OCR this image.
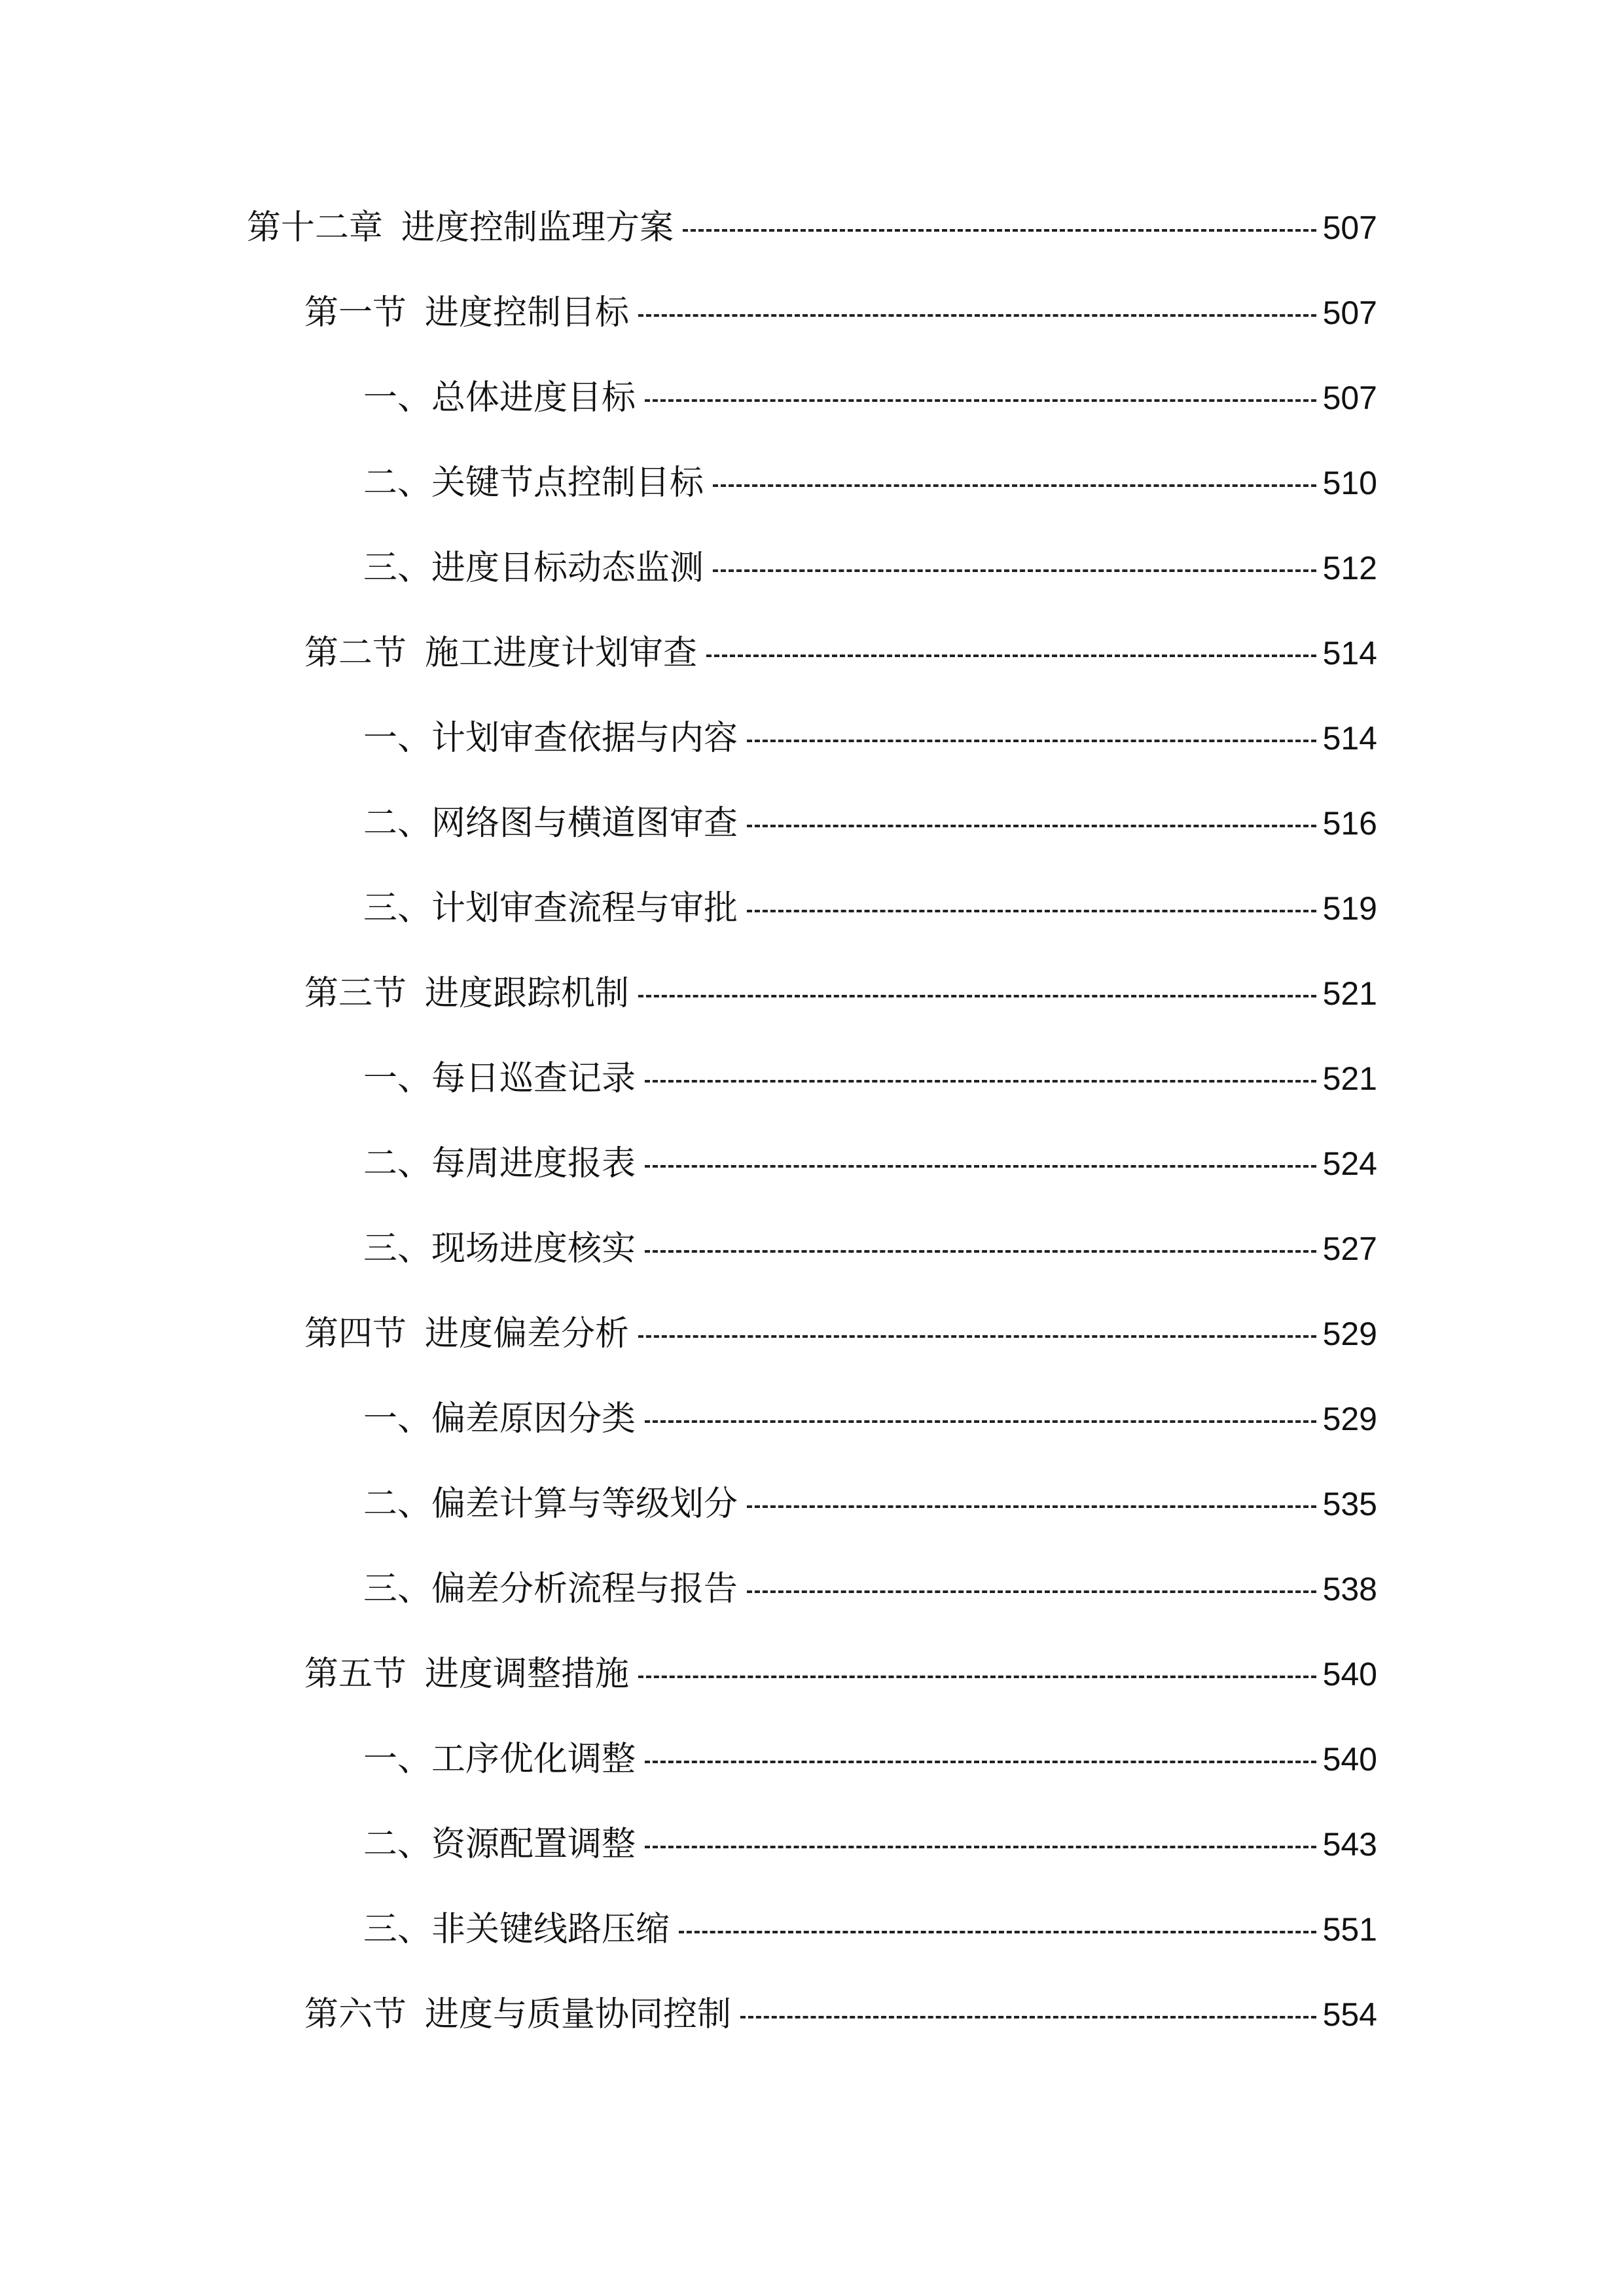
第十二章 进度控制监理方案	507
第一节 进度控制目标	507
一、总体进度目标	507
二、关键节点控制目标	510
三、进度目标动态监测	512
第二节 施工进度计划审查	514
一、计划审查依据与内容	514
二、网络图与横道图审查	516
三、计划审查流程与审批	519
第三节 进度跟踪机制	521
一、每日巡查记录	521
二、每周进度报表	524
三、现场进度核实	527
第四节 进度偏差分析	529
一、偏差原因分类	529
二、偏差计算与等级划分	535
三、偏差分析流程与报告	538
第五节 进度调整措施	540
一、工序优化调整	540
二、资源配置调整	543
三、非关键线路压缩	551
第六节 进度与质量协同控制	554
